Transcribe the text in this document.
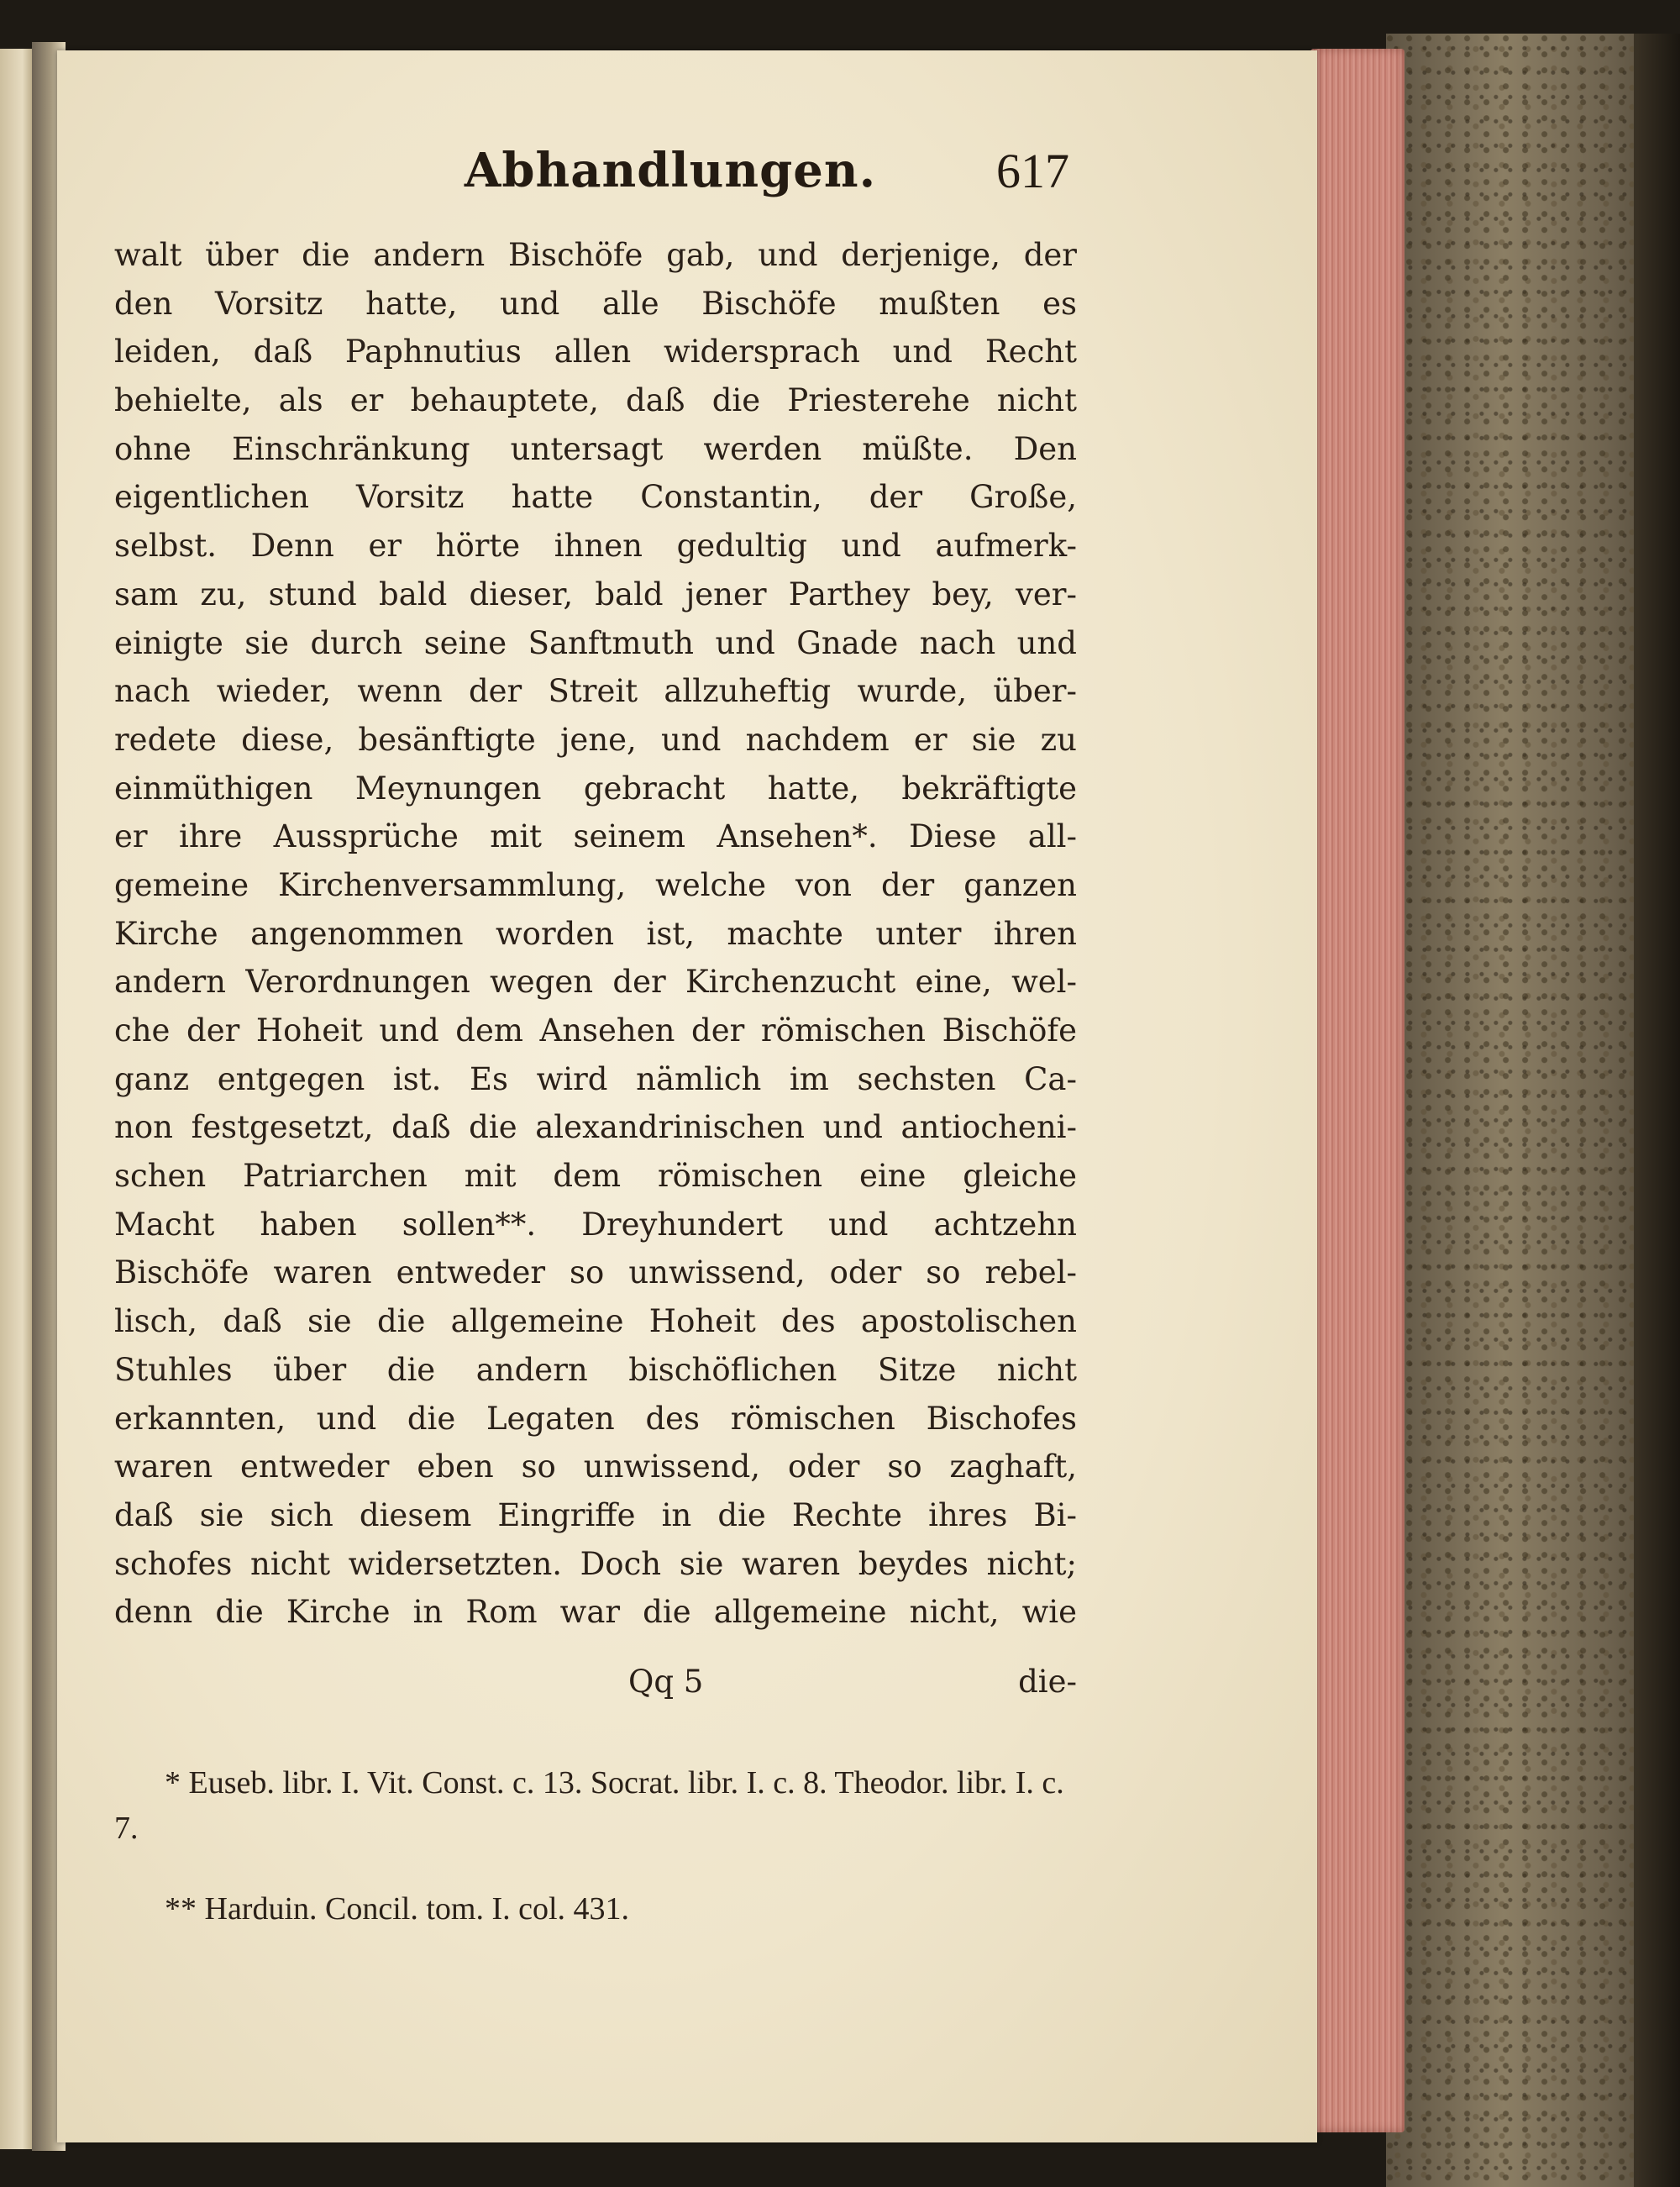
Abhandlungen.	617
walt über die andern Bischöfe gab, und derjenige, der
den Vorsitz hatte, und alle Bischöfe mußten es
leiden, daß Paphnutius allen widersprach und Recht
behielte, als er behauptete, daß die Priesterehe nicht
ohne Einschränkung untersagt werden müßte. Den
eigentlichen Vorsitz hatte Constantin, der Große,
selbst. Denn er hörte ihnen gedultig und aufmerk-
sam zu, stund bald dieser, bald jener Parthey bey, ver-
einigte sie durch seine Sanftmuth und Gnade nach und
nach wieder, wenn der Streit allzuheftig wurde, über-
redete diese, besänftigte jene, und nachdem er sie zu
einmüthigen Meynungen gebracht hatte, bekräftigte
er ihre Aussprüche mit seinem Ansehen*. Diese all-
gemeine Kirchenversammlung, welche von der ganzen
Kirche angenommen worden ist, machte unter ihren
andern Verordnungen wegen der Kirchenzucht eine, wel-
che der Hoheit und dem Ansehen der römischen Bischöfe
ganz entgegen ist. Es wird nämlich im sechsten Ca-
non festgesetzt, daß die alexandrinischen und antiocheni-
schen Patriarchen mit dem römischen eine gleiche
Macht haben sollen**. Dreyhundert und achtzehn
Bischöfe waren entweder so unwissend, oder so rebel-
lisch, daß sie die allgemeine Hoheit des apostolischen
Stuhles über die andern bischöflichen Sitze nicht
erkannten, und die Legaten des römischen Bischofes
waren entweder eben so unwissend, oder so zaghaft,
daß sie sich diesem Eingriffe in die Rechte ihres Bi-
schofes nicht widersetzten. Doch sie waren beydes nicht;
denn die Kirche in Rom war die allgemeine nicht, wie
Qq 5	die-
* Euseb. libr. I. Vit. Const. c. 13. Socrat. libr. I. c. 8. Theodor. libr. I. c. 7.
** Harduin. Concil. tom. I. col. 431.
